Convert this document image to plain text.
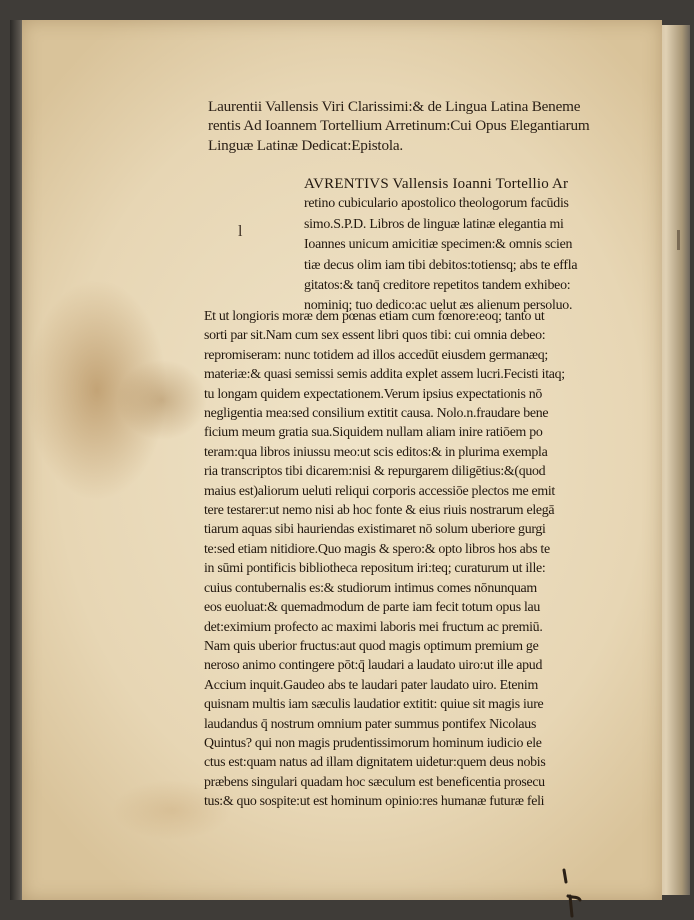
Laurentii Vallensis Viri Clarissimi:& de Lingua Latina Beneme
rentis Ad Ioannem Tortellium Arretinum:Cui Opus Elegantiarum
Linguæ Latinæ Dedicat:Epistola.
l
AVRENTIVS Vallensis Ioanni Tortellio Ar
retino cubiculario apostolico theologorum facūdis
simo.S.P.D. Libros de linguæ latinæ elegantia mi
Ioannes unicum amicitiæ specimen:& omnis scien
tiæ decus olim iam tibi debitos:totiensq; abs te effla
gitatos:& tanq̄ creditore repetitos tandem exhibeo:
nominiq; tuo dedico:ac uelut æs alienum persoluo.
Et ut longioris moræ dem pœnas etiam cum fœnore:eoq; tanto ut
sorti par sit.Nam cum sex essent libri quos tibi: cui omnia debeo:
repromiseram: nunc totidem ad illos accedūt eiusdem germanæq;
materiæ:& quasi semissi semis addita explet assem lucri.Fecisti itaq;
tu longam quidem expectationem.Verum ipsius expectationis nō
negligentia mea:sed consilium extitit causa. Nolo.n.fraudare bene
ficium meum gratia sua.Siquidem nullam aliam inire ratiōem po
teram:qua libros iniussu meo:ut scis editos:& in plurima exempla
ria transcriptos tibi dicarem:nisi & repurgarem diligētius:&(quod
maius est)aliorum ueluti reliqui corporis accessiōe plectos me emit
tere testarer:ut nemo nisi ab hoc fonte & eius riuis nostrarum elegā
tiarum aquas sibi hauriendas existimaret nō solum uberiore gurgi
te:sed etiam nitidiore.Quo magis & spero:& opto libros hos abs te
in sūmi pontificis bibliotheca repositum iri:teq; curaturum ut ille:
cuius contubernalis es:& studiorum intimus comes nōnunquam
eos euoluat:& quemadmodum de parte iam fecit totum opus lau
det:eximium profecto ac maximi laboris mei fructum ac premiū.
Nam quis uberior fructus:aut quod magis optimum premium ge
neroso animo contingere pōt:q̄ laudari a laudato uiro:ut ille apud
Accium inquit.Gaudeo abs te laudari pater laudato uiro. Etenim
quisnam multis iam sæculis laudatior extitit: quiue sit magis iure
laudandus q̄ nostrum omnium pater summus pontifex Nicolaus
Quintus? qui non magis prudentissimorum hominum iudicio ele
ctus est:quam natus ad illam dignitatem uidetur:quem deus nobis
præbens singulari quadam hoc sæculum est beneficentia prosecu
tus:& quo sospite:ut est hominum opinio:res humanæ futuræ feli
